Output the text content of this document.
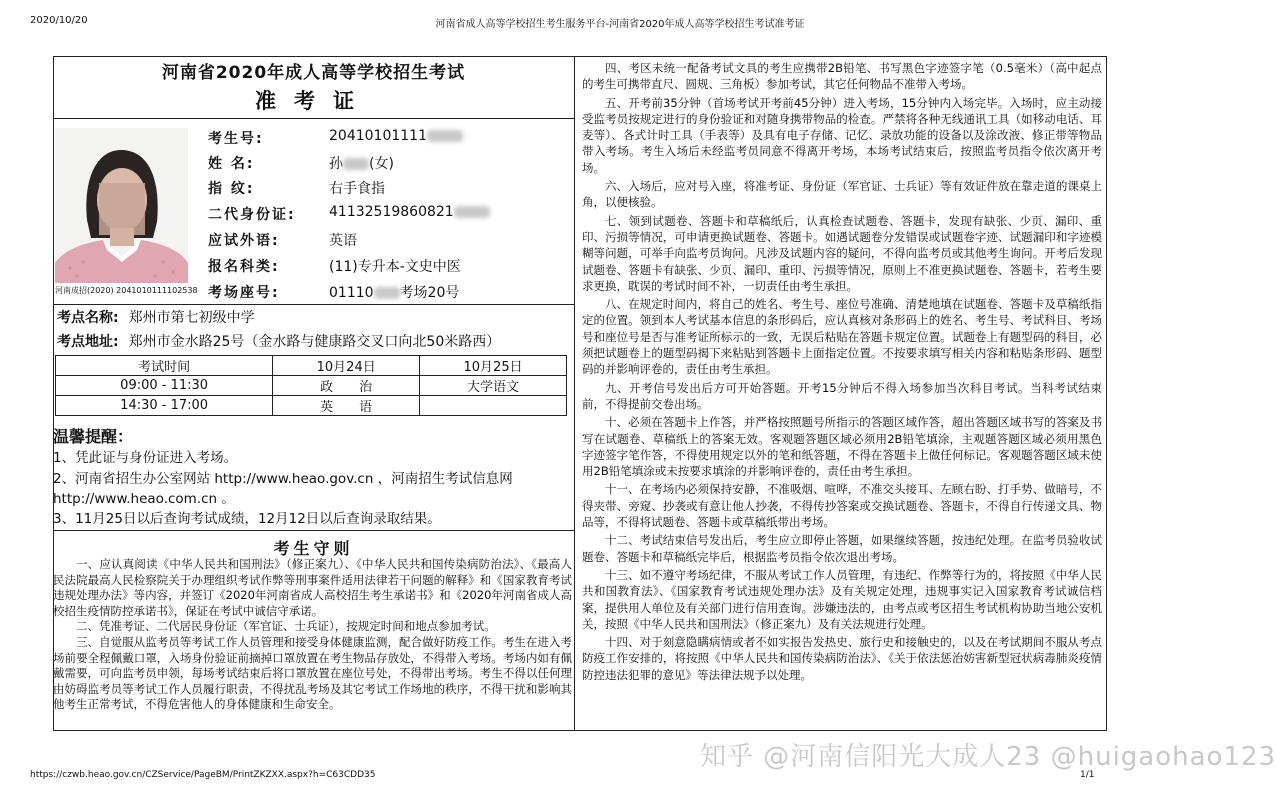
2020/10/20	河南省成人高等学校招生考生服务平台-河南省2020年成人高等学校招生考试准考证
河南省2020年成人高等学校招生考试
准考证
河南成招(2020) 2041010111102538
考生号:	20410101111
姓 名:	孙 (女)
指 纹:	右手食指
二代身份证: 41132519860821
应试外语:	英语
报名科类:	(11)专升本-文史中医
考场座号:	01110 考场20号
考点名称: 郑州市第七初级中学
考点地址: 郑州市金水路25号（金水路与健康路交叉口向北50米路西）
考试时间	10月24日	10月25日
09:00 - 11:30	政　　治	大学语文
14:30 - 17:00	英　　语	
温馨提醒：
1、凭此证与身份证进入考场。
2、河南省招生办公室网站 http://www.heao.gov.cn ，河南招生考试信息网
http://www.heao.com.cn 。
3、11月25日以后查询考试成绩，12月12日以后查询录取结果。
考生守则

一、应认真阅读《中华人民共和国刑法》（修正案九）、《中华人民共和国传染病防治法》、《最高人民法院最高人民检察院关于办理组织考试作弊等刑事案件适用法律若干问题的解释》和《国家教育考试违规处理办法》等内容，并签订《2020年河南省成人高校招生考生承诺书》和《2020年河南省成人高校招生疫情防控承诺书》，保证在考试中诚信守承诺。

二、凭准考证、二代居民身份证（军官证、士兵证），按规定时间和地点参加考试。

三、自觉服从监考员等考试工作人员管理和接受身体健康监测，配合做好防疫工作。考生在进入考场前要全程佩戴口罩，入场身份验证前摘掉口罩放置在考生物品存放处，不得带入考场。考场内如有佩戴需要，可向监考员申领，每场考试结束后将口罩放置在座位号处，不得带出考场。考生不得以任何理由妨碍监考员等考试工作人员履行职责，不得扰乱考场及其它考试工作场地的秩序，不得干扰和影响其他考生正常考试，不得危害他人的身体健康和生命安全。

四、考区未统一配备考试文具的考生应携带2B铅笔、书写黑色字迹签字笔（0.5毫米）（高中起点的考生可携带直尺、圆规、三角板）参加考试，其它任何物品不准带入考场。

五、开考前35分钟（首场考试开考前45分钟）进入考场，15分钟内入场完毕。入场时，应主动接受监考员按规定进行的身份验证和对随身携带物品的检查。严禁将各种无线通讯工具（如移动电话、耳麦等）、各式计时工具（手表等）及具有电子存储、记忆、录放功能的设备以及涂改液、修正带等物品带入考场。考生入场后未经监考员同意不得离开考场，本场考试结束后，按照监考员指令依次离开考场。

六、入场后，应对号入座，将准考证、身份证（军官证、士兵证）等有效证件放在靠走道的课桌上角，以便核验。

七、领到试题卷、答题卡和草稿纸后，认真检查试题卷、答题卡，发现有缺张、少页、漏印、重印、污损等情况，可申请更换试题卷、答题卡。如遇试题卷分发错误或试题卷字迹、试题漏印和字迹模糊等问题，可举手向监考员询问。凡涉及试题内容的疑问，不得向监考员或其他考生询问。开考后发现试题卷、答题卡有缺张、少页、漏印、重印、污损等情况，原则上不准更换试题卷、答题卡，若考生要求更换，耽误的考试时间不补，一切责任由考生承担。

八、在规定时间内，将自己的姓名、考生号、座位号准确、清楚地填在试题卷、答题卡及草稿纸指定的位置。领到本人考试基本信息的条形码后，应认真核对条形码上的姓名、考生号、考试科目、考场号和座位号是否与准考证所标示的一致，无误后粘贴在答题卡规定位置。试题卷上有题型码的科目，必须把试题卷上的题型码揭下来粘贴到答题卡上面指定位置。不按要求填写相关内容和粘贴条形码、题型码的并影响评卷的，责任由考生承担。

九、开考信号发出后方可开始答题。开考15分钟后不得入场参加当次科目考试。当科考试结束前，不得提前交卷出场。

十、必须在答题卡上作答，并严格按照题号所指示的答题区域作答，超出答题区域书写的答案及书写在试题卷、草稿纸上的答案无效。客观题答题区域必须用2B铅笔填涂，主观题答题区域必须用黑色字迹签字笔作答，不得使用规定以外的笔和纸答题，不得在答题卡上做任何标记。客观题答题区域未使用2B铅笔填涂或未按要求填涂的并影响评卷的，责任由考生承担。

十一、在考场内必须保持安静，不准吸烟、喧哗，不准交头接耳、左顾右盼、打手势、做暗号，不得夹带、旁窥、抄袭或有意让他人抄袭，不得传抄答案或交换试题卷、答题卡，不得自行传递文具、物品等，不得将试题卷、答题卡或草稿纸带出考场。

十二、考试结束信号发出后，考生应立即停止答题，如果继续答题，按违纪处理。在监考员验收试题卷、答题卡和草稿纸完毕后，根据监考员指令依次退出考场。

十三、如不遵守考场纪律，不服从考试工作人员管理，有违纪、作弊等行为的，将按照《中华人民共和国教育法》、《国家教育考试违规处理办法》及有关规定处理，违规事实记入国家教育考试诚信档案，提供用人单位及有关部门进行信用查询。涉嫌违法的，由考点或考区招生考试机构协助当地公安机关，按照《中华人民共和国刑法》（修正案九）及有关法规进行处理。

十四、对于刻意隐瞒病情或者不如实报告发热史、旅行史和接触史的，以及在考试期间不服从考点防疫工作安排的，将按照《中华人民共和国传染病防治法》、《关于依法惩治妨害新型冠状病毒肺炎疫情防控违法犯罪的意见》等法律法规予以处理。

知乎 @河南信阳光大成人23 @huigaohao123
https://czwb.heao.gov.cn/CZService/PageBM/PrintZKZXX.aspx?h=C63CDD35	1/1
